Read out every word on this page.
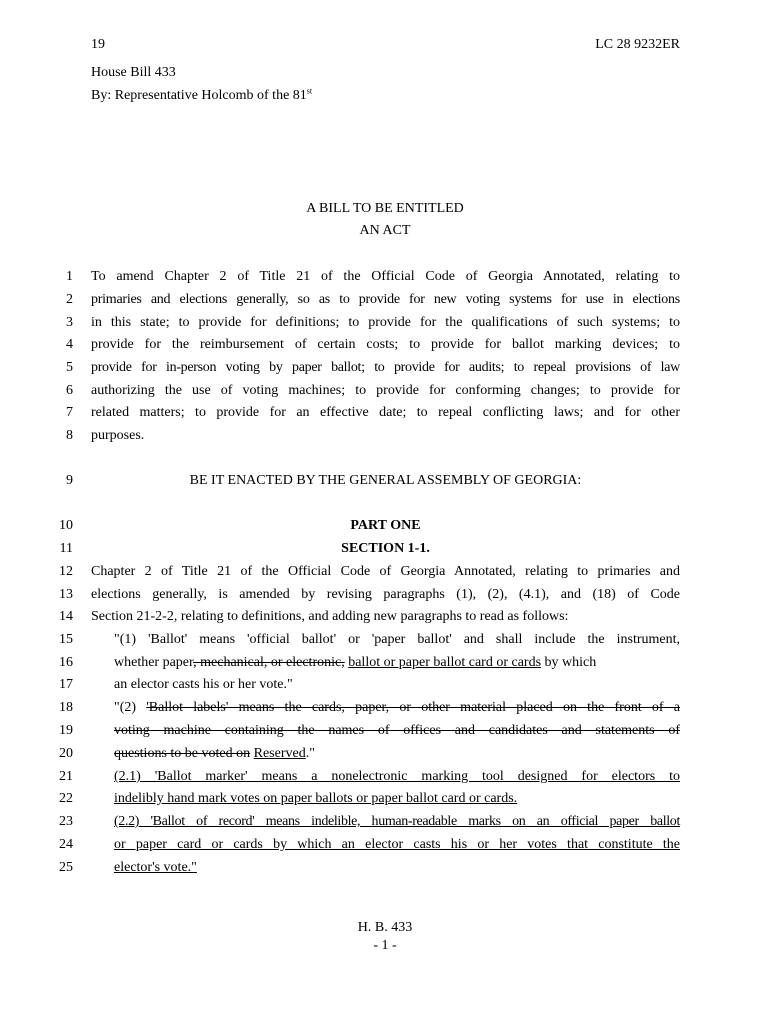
19	LC 28 9232ER
House Bill 433
By: Representative Holcomb of the 81st
A BILL TO BE ENTITLED
AN ACT
1
2
3
4
5
6
7
8
9
10
11
12
13
14
15
16
17
18
19
20
21
22
23
24
25
To amend Chapter 2 of Title 21 of the Official Code of Georgia Annotated, relating to
primaries and elections generally, so as to provide for new voting systems for use in elections
in this state; to provide for definitions; to provide for the qualifications of such systems; to
provide for the reimbursement of certain costs; to provide for ballot marking devices; to
provide for in-person voting by paper ballot; to provide for audits; to repeal provisions of law
authorizing the use of voting machines; to provide for conforming changes; to provide for
related matters; to provide for an effective date; to repeal conflicting laws; and for other
purposes.
BE IT ENACTED BY THE GENERAL ASSEMBLY OF GEORGIA:
PART ONE
SECTION 1-1.
Chapter 2 of Title 21 of the Official Code of Georgia Annotated, relating to primaries and
elections generally, is amended by revising paragraphs (1), (2), (4.1), and (18) of Code
Section 21-2-2, relating to definitions, and adding new paragraphs to read as follows:
"(1) 'Ballot' means 'official ballot' or 'paper ballot' and shall include the instrument,
whether paper, mechanical, or electronic, ballot or paper ballot card or cards by which
an elector casts his or her vote."
"(2) 'Ballot labels' means the cards, paper, or other material placed on the front of a
voting machine containing the names of offices and candidates and statements of
questions to be voted on Reserved."
(2.1) 'Ballot marker' means a nonelectronic marking tool designed for electors to
indelibly hand mark votes on paper ballots or paper ballot card or cards.
(2.2) 'Ballot of record' means indelible, human-readable marks on an official paper ballot
or paper card or cards by which an elector casts his or her votes that constitute the
elector's vote."
H. B. 433
- 1 -
